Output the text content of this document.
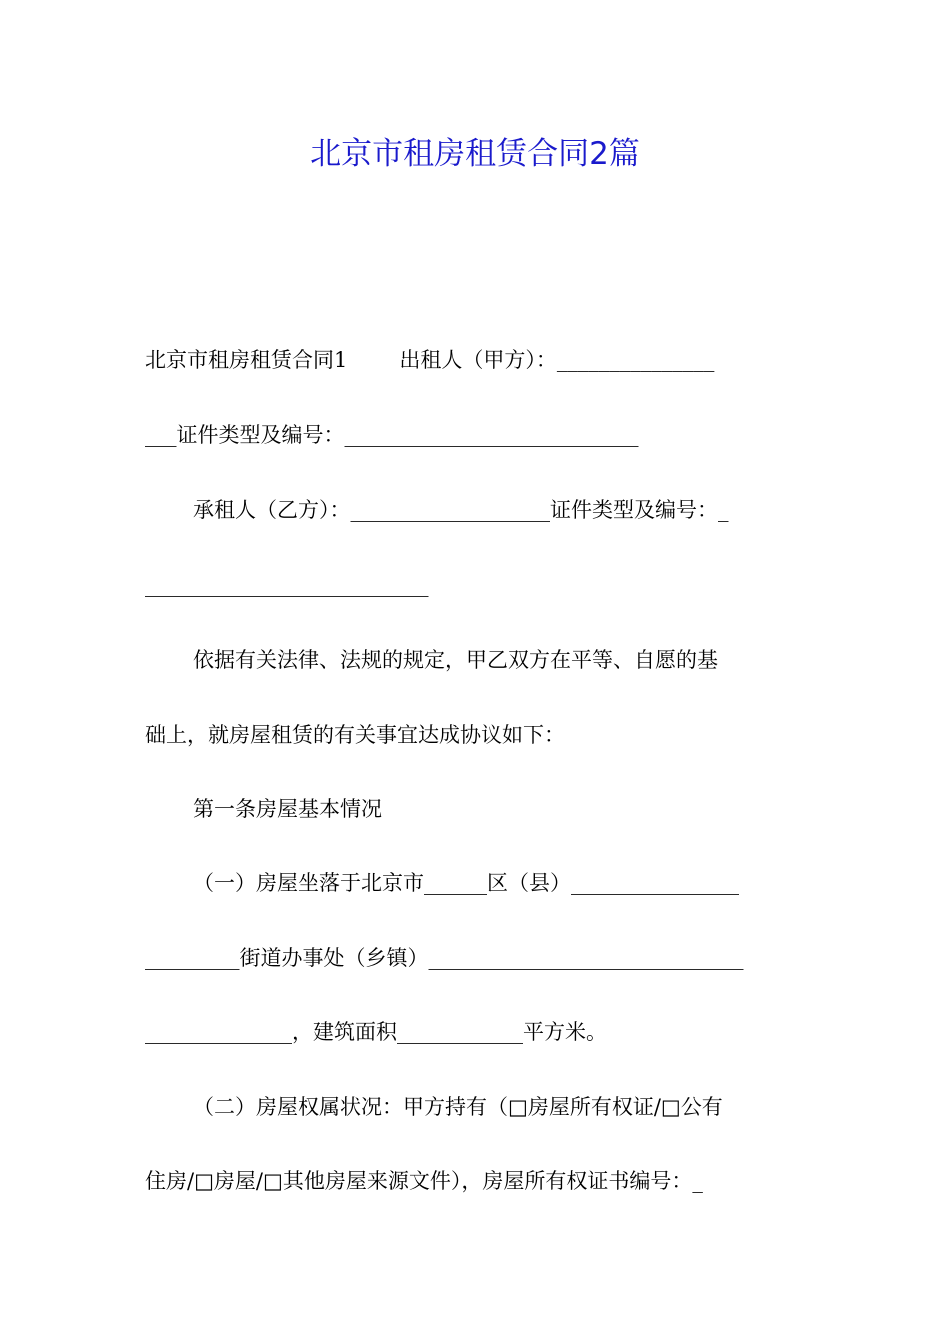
北京市租房租赁合同2篇
北京市租房租赁合同1 出租人（甲方）：_______________
___证件类型及编号：____________________________
承租人（乙方）：___________________证件类型及编号：_
___________________________
依据有关法律、法规的规定，甲乙双方在平等、自愿的基
础上，就房屋租赁的有关事宜达成协议如下：
第一条房屋基本情况
（一）房屋坐落于北京市______区（县）________________
_________街道办事处（乡镇）______________________________
______________，建筑面积____________平方米。
（二）房屋权属状况：甲方持有（□房屋所有权证/□公有
住房/□房屋/□其他房屋来源文件），房屋所有权证书编号：_
